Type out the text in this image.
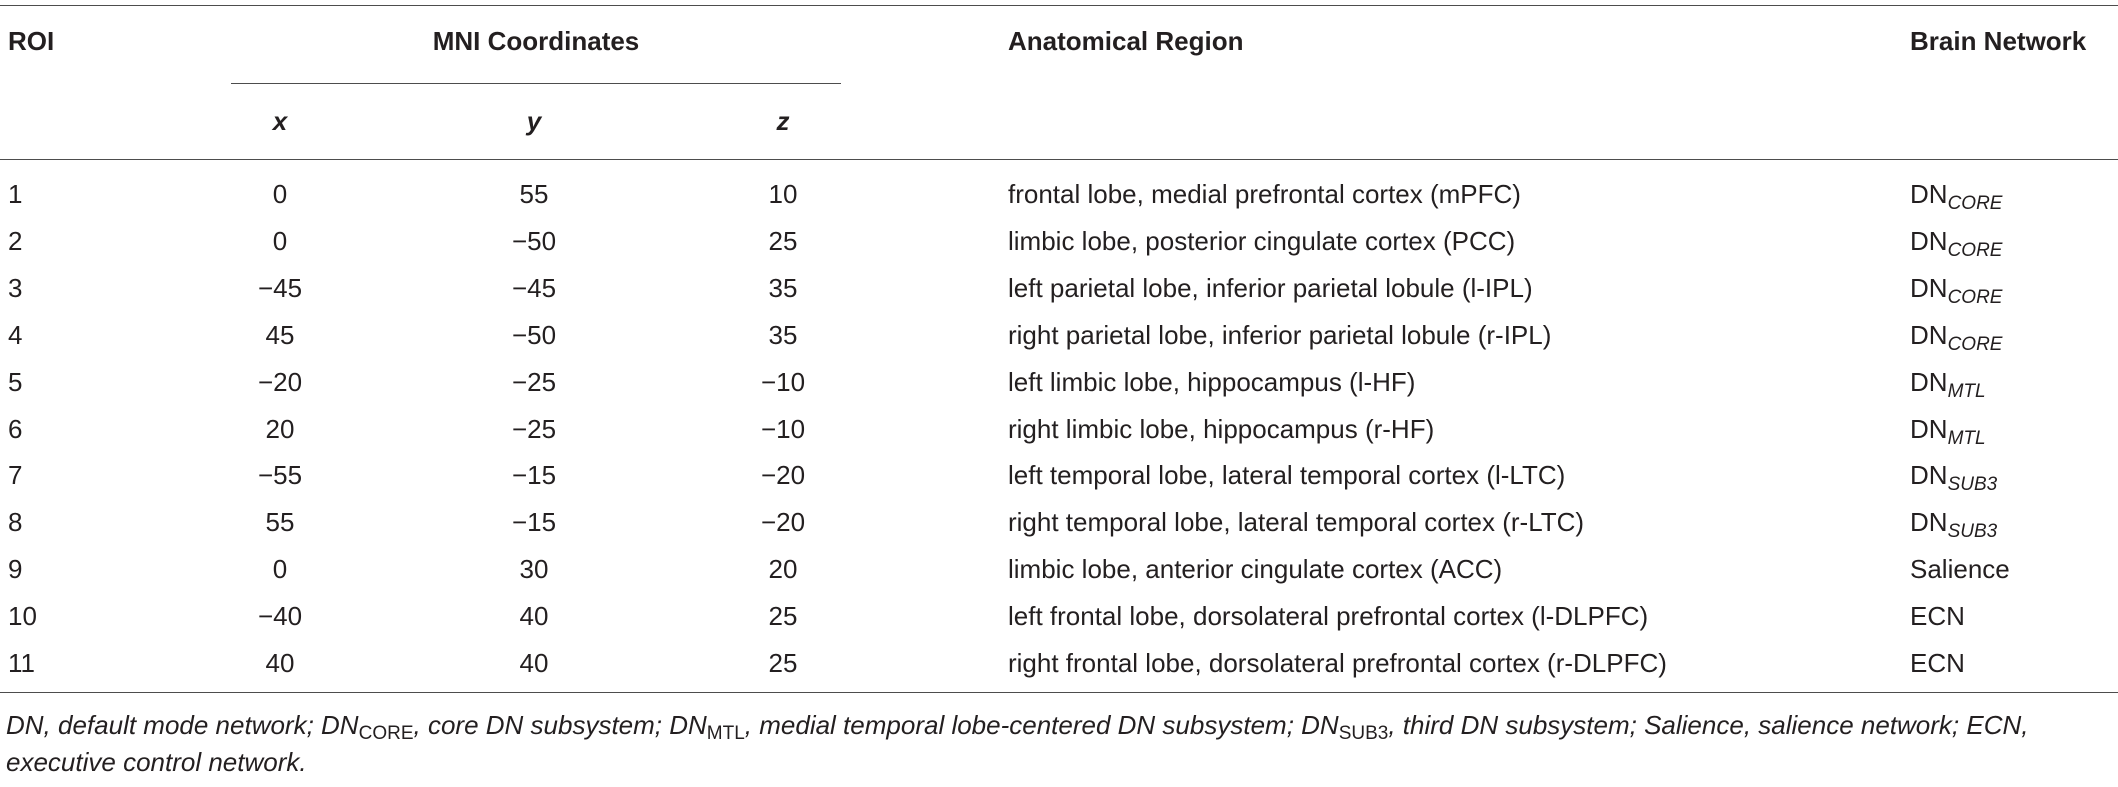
ROI	MNI Coordinates	Anatomical Region	Brain Network
x	y	z
1	0	55	10	frontal lobe, medial prefrontal cortex (mPFC)	$DN_{CORE}$
2	0	−50	25	limbic lobe, posterior cingulate cortex (PCC)	$DN_{CORE}$
3	−45	−45	35	left parietal lobe, inferior parietal lobule (l-IPL)	$DN_{CORE}$
4	45	−50	35	right parietal lobe, inferior parietal lobule (r-IPL)	$DN_{CORE}$
5	−20	−25	−10	left limbic lobe, hippocampus (l-HF)	$DN_{MTL}$
6	20	−25	−10	right limbic lobe, hippocampus (r-HF)	$DN_{MTL}$
7	−55	−15	−20	left temporal lobe, lateral temporal cortex (l-LTC)	$DN_{SUB3}$
8	55	−15	−20	right temporal lobe, lateral temporal cortex (r-LTC)	$DN_{SUB3}$
9	0	30	20	limbic lobe, anterior cingulate cortex (ACC)	Salience
10	−40	40	25	left frontal lobe, dorsolateral prefrontal cortex (l-DLPFC)	ECN
11	40	40	25	right frontal lobe, dorsolateral prefrontal cortex (r-DLPFC)	ECN
DN, default mode network; DNCORE, core DN subsystem; DNMTL, medial temporal lobe-centered DN subsystem; DNSUB3, third DN subsystem; Salience, salience network; ECN, executive control network.
